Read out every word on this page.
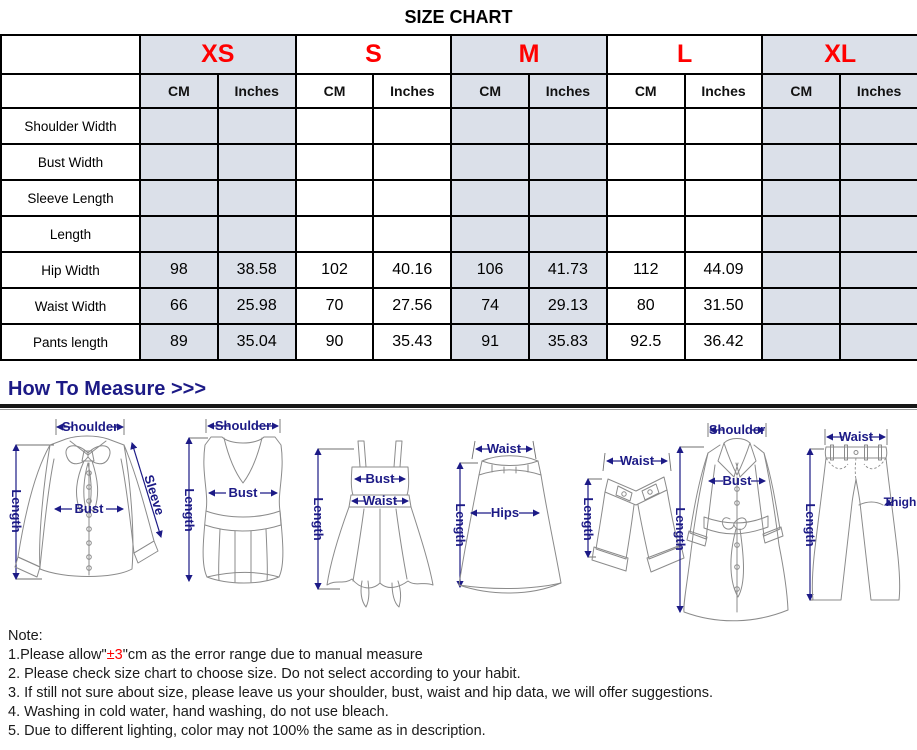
SIZE CHART
	XS		S		M		L		XL	
	CM	Inches	CM	Inches	CM	Inches	CM	Inches	CM	Inches
Shoulder Width										
Bust Width										
Sleeve Length										
Length										
Hip Width	98	38.58	102	40.16	106	41.73	112	44.09		
Waist Width	66	25.98	70	27.56	74	29.13	80	31.50		
Pants length	89	35.04	90	35.43	91	35.83	92.5	36.42		
How To Measure >>>
Shoulder
Length	Bust	Sleeve
Shoulder
Length Bust
Length
Bust
Waist
Waist
Length Hips
Waist
Length
Shoulder
Length
Bust
Waist
Length
Thigh
Note:
1.Please allow"±3"cm as the error range due to manual measure
2. Please check size chart to choose size. Do not select according to your habit.
3. If still not sure about size, please leave us your shoulder, bust, waist and hip data, we will offer suggestions.
4. Washing in cold water, hand washing, do not use bleach.
5. Due to different lighting, color may not 100% the same as in description.
